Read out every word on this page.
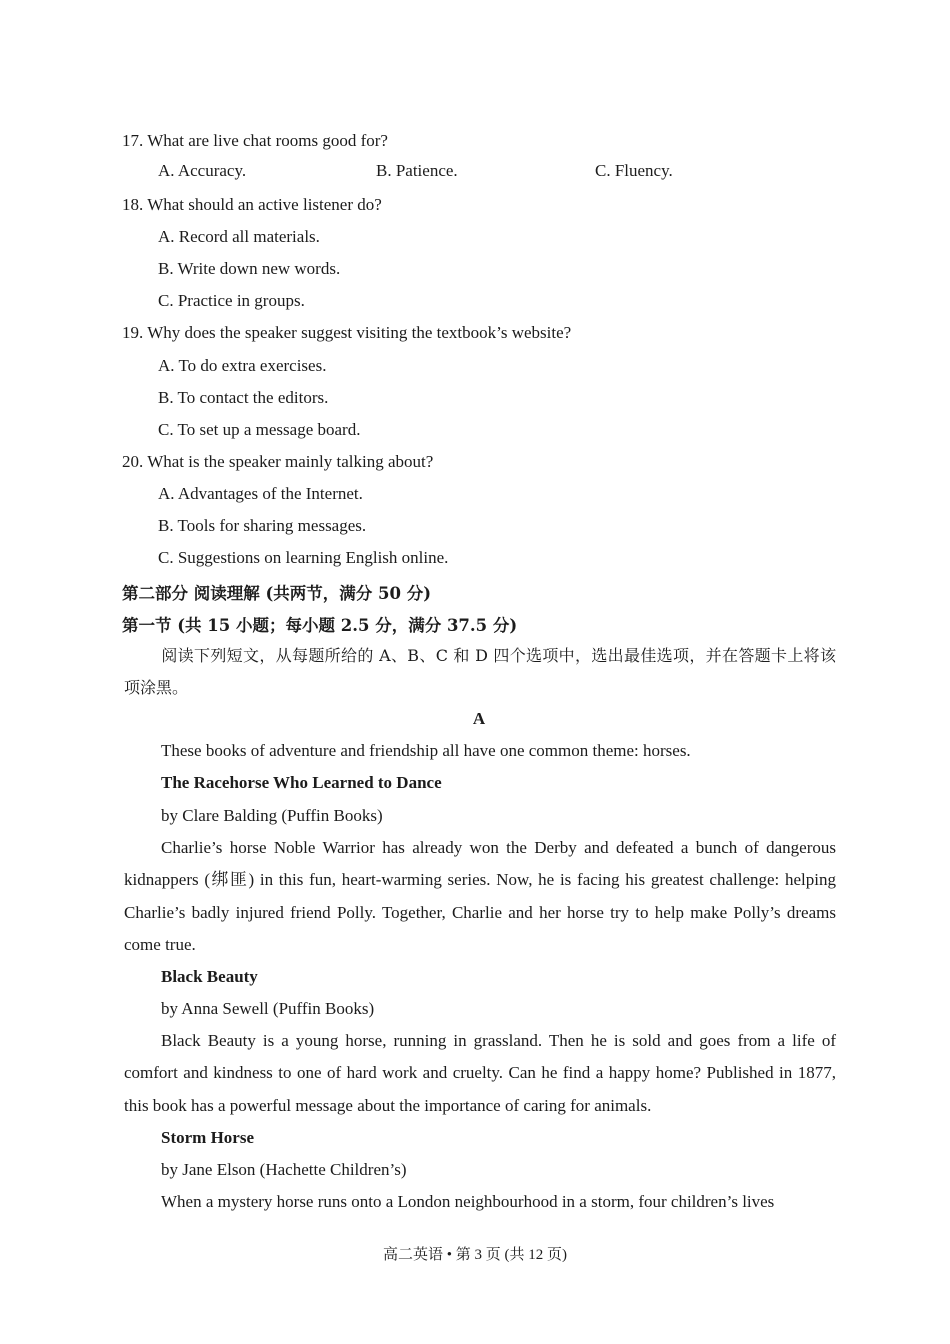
17. What are live chat rooms good for?

A. Accuracy.	B. Patience.	C. Fluency.

18. What should an active listener do?

A. Record all materials.

B. Write down new words.

C. Practice in groups.

19. Why does the speaker suggest visiting the textbook’s website?

A. To do extra exercises.

B. To contact the editors.

C. To set up a message board.

20. What is the speaker mainly talking about?

A. Advantages of the Internet.

B. Tools for sharing messages.

C. Suggestions on learning English online.

第二部分 阅读理解 (共两节，满分 50 分)

第一节 (共 15 小题；每小题 2.5 分，满分 37.5 分)

阅读下列短文，从每题所给的 A、B、C 和 D 四个选项中，选出最佳选项，并在答题卡上将该项涂黑。

A

These books of adventure and friendship all have one common theme: horses.

The Racehorse Who Learned to Dance

by Clare Balding (Puffin Books)

Charlie’s horse Noble Warrior has already won the Derby and defeated a bunch of dangerous kidnappers (绑匪) in this fun, heart-warming series. Now, he is facing his greatest challenge: helping Charlie’s badly injured friend Polly. Together, Charlie and her horse try to help make Polly’s dreams come true.

Black Beauty

by Anna Sewell (Puffin Books)

Black Beauty is a young horse, running in grassland. Then he is sold and goes from a life of comfort and kindness to one of hard work and cruelty. Can he find a happy home? Published in 1877, this book has a powerful message about the importance of caring for animals.

Storm Horse

by Jane Elson (Hachette Children’s)

When a mystery horse runs onto a London neighbourhood in a storm, four children’s lives

高二英语 • 第 3 页 (共 12 页)
